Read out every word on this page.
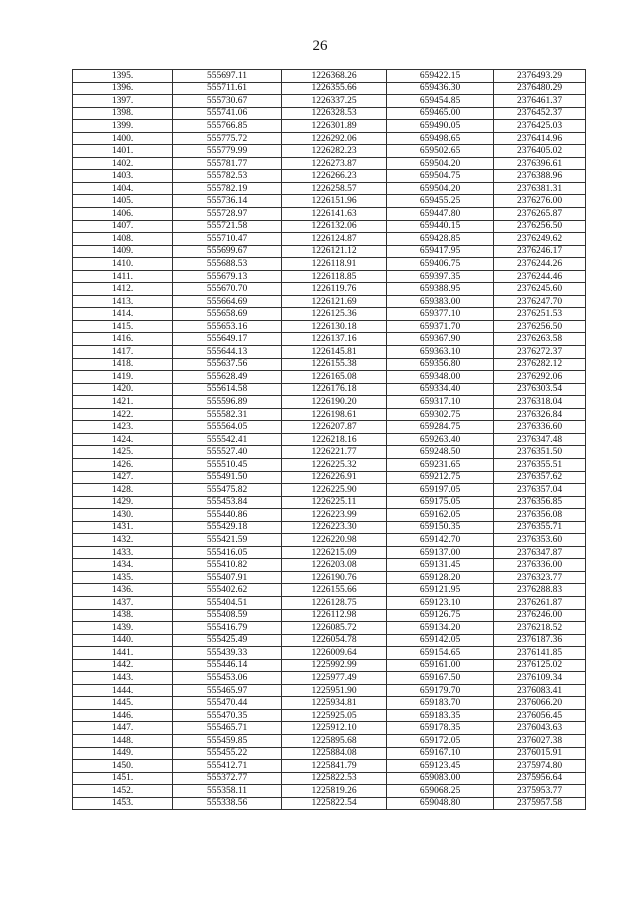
26
1395.	555697.11	1226368.26	659422.15	2376493.29
1396.	555711.61	1226355.66	659436.30	2376480.29
1397.	555730.67	1226337.25	659454.85	2376461.37
1398.	555741.06	1226328.53	659465.00	2376452.37
1399.	555766.85	1226301.89	659490.05	2376425.03
1400.	555775.72	1226292.06	659498.65	2376414.96
1401.	555779.99	1226282.23	659502.65	2376405.02
1402.	555781.77	1226273.87	659504.20	2376396.61
1403.	555782.53	1226266.23	659504.75	2376388.96
1404.	555782.19	1226258.57	659504.20	2376381.31
1405.	555736.14	1226151.96	659455.25	2376276.00
1406.	555728.97	1226141.63	659447.80	2376265.87
1407.	555721.58	1226132.06	659440.15	2376256.50
1408.	555710.47	1226124.87	659428.85	2376249.62
1409.	555699.67	1226121.12	659417.95	2376246.17
1410.	555688.53	1226118.91	659406.75	2376244.26
1411.	555679.13	1226118.85	659397.35	2376244.46
1412.	555670.70	1226119.76	659388.95	2376245.60
1413.	555664.69	1226121.69	659383.00	2376247.70
1414.	555658.69	1226125.36	659377.10	2376251.53
1415.	555653.16	1226130.18	659371.70	2376256.50
1416.	555649.17	1226137.16	659367.90	2376263.58
1417.	555644.13	1226145.81	659363.10	2376272.37
1418.	555637.56	1226155.38	659356.80	2376282.12
1419.	555628.49	1226165.08	659348.00	2376292.06
1420.	555614.58	1226176.18	659334.40	2376303.54
1421.	555596.89	1226190.20	659317.10	2376318.04
1422.	555582.31	1226198.61	659302.75	2376326.84
1423.	555564.05	1226207.87	659284.75	2376336.60
1424.	555542.41	1226218.16	659263.40	2376347.48
1425.	555527.40	1226221.77	659248.50	2376351.50
1426.	555510.45	1226225.32	659231.65	2376355.51
1427.	555491.50	1226226.91	659212.75	2376357.62
1428.	555475.82	1226225.90	659197.05	2376357.04
1429.	555453.84	1226225.11	659175.05	2376356.85
1430.	555440.86	1226223.99	659162.05	2376356.08
1431.	555429.18	1226223.30	659150.35	2376355.71
1432.	555421.59	1226220.98	659142.70	2376353.60
1433.	555416.05	1226215.09	659137.00	2376347.87
1434.	555410.82	1226203.08	659131.45	2376336.00
1435.	555407.91	1226190.76	659128.20	2376323.77
1436.	555402.62	1226155.66	659121.95	2376288.83
1437.	555404.51	1226128.75	659123.10	2376261.87
1438.	555408.59	1226112.98	659126.75	2376246.00
1439.	555416.79	1226085.72	659134.20	2376218.52
1440.	555425.49	1226054.78	659142.05	2376187.36
1441.	555439.33	1226009.64	659154.65	2376141.85
1442.	555446.14	1225992.99	659161.00	2376125.02
1443.	555453.06	1225977.49	659167.50	2376109.34
1444.	555465.97	1225951.90	659179.70	2376083.41
1445.	555470.44	1225934.81	659183.70	2376066.20
1446.	555470.35	1225925.05	659183.35	2376056.45
1447.	555465.71	1225912.10	659178.35	2376043.63
1448.	555459.85	1225895.68	659172.05	2376027.38
1449.	555455.22	1225884.08	659167.10	2376015.91
1450.	555412.71	1225841.79	659123.45	2375974.80
1451.	555372.77	1225822.53	659083.00	2375956.64
1452.	555358.11	1225819.26	659068.25	2375953.77
1453.	555338.56	1225822.54	659048.80	2375957.58
